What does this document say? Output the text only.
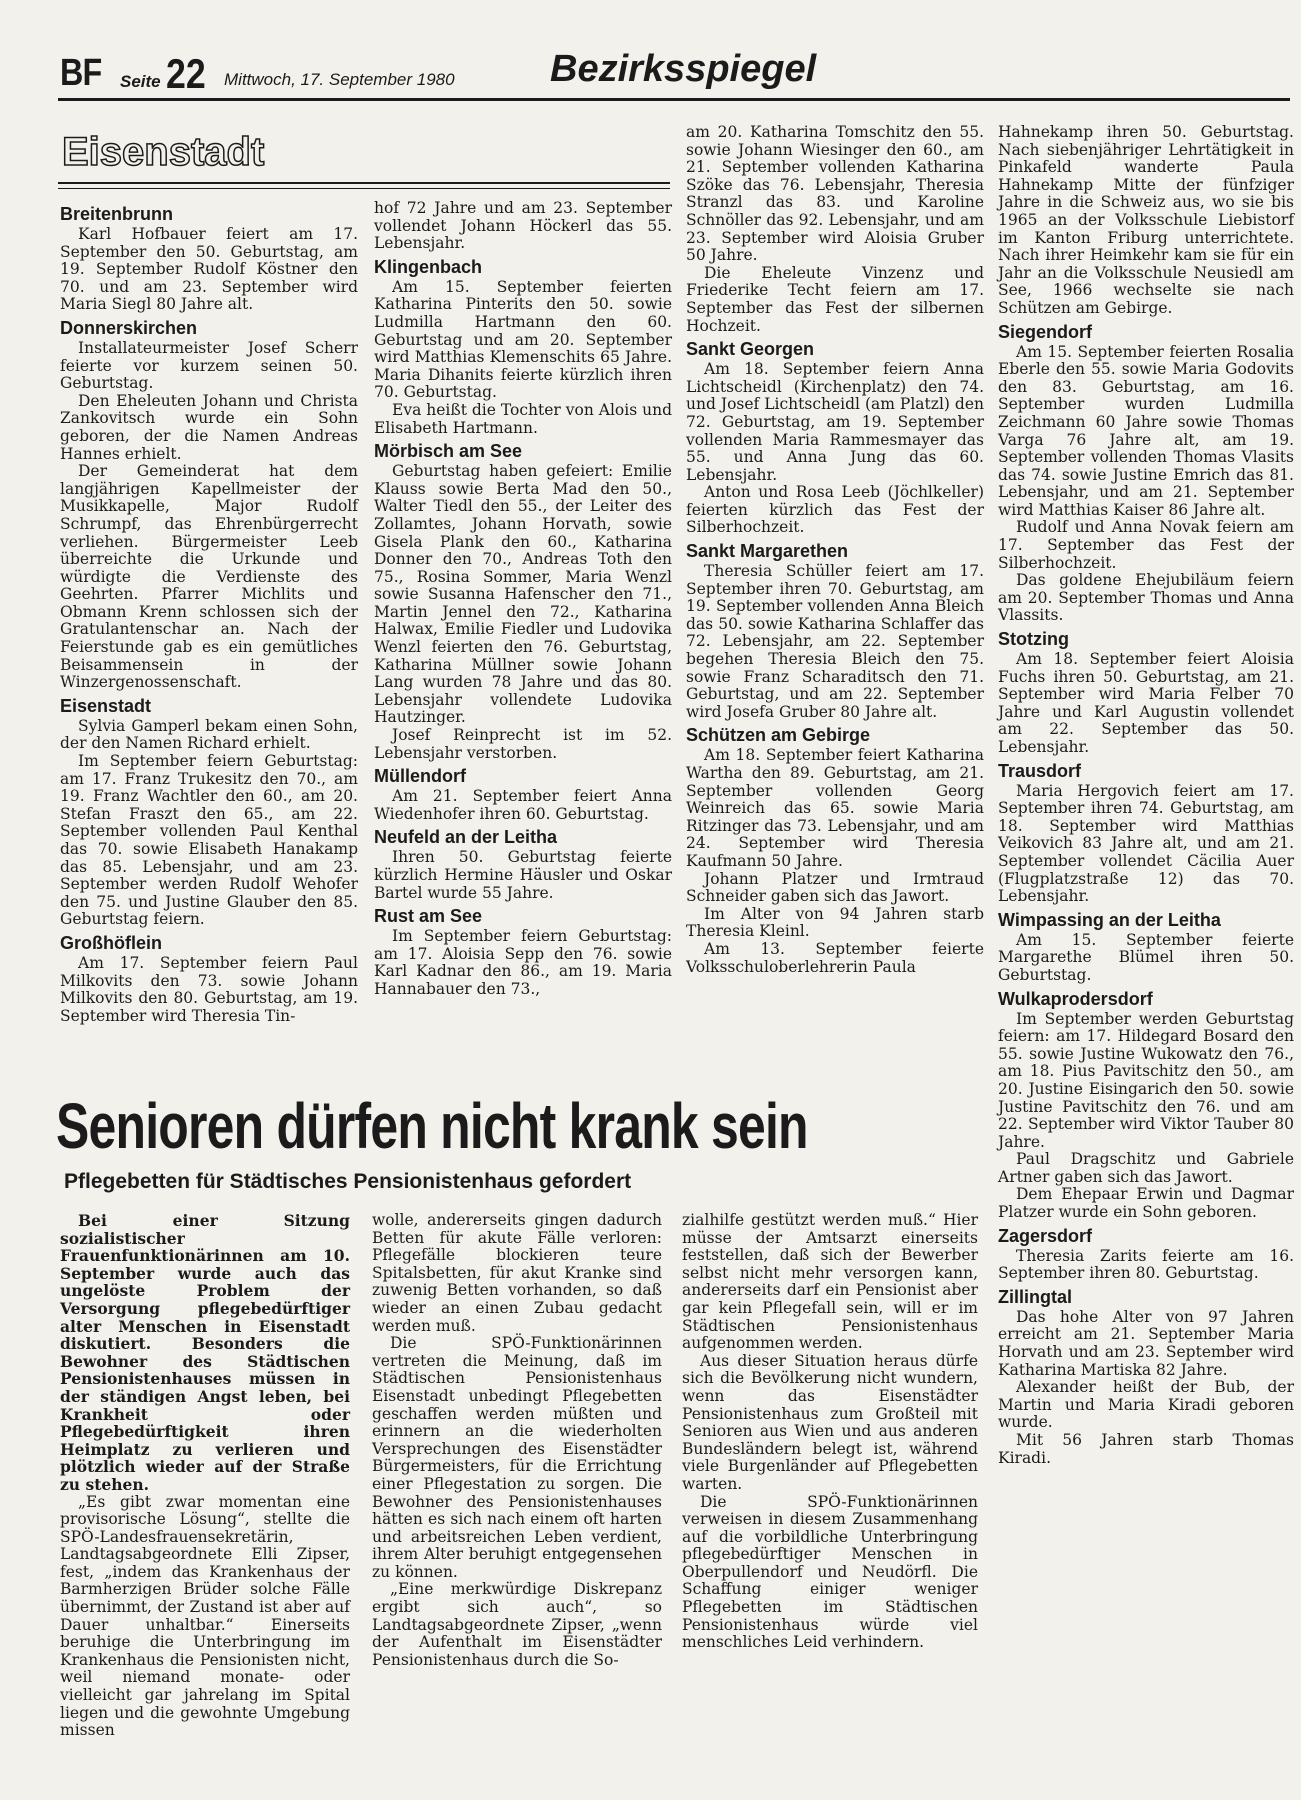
BF Seite 22 Mittwoch, 17. September 1980	Bezirksspiegel
Eisenstadt
Breitenbrunn

Karl Hofbauer feiert am 17. September den 50. Geburtstag, am 19. September Rudolf Köstner den 70. und am 23. September wird Maria Siegl 80 Jahre alt.

Donnerskirchen

Installateurmeister Josef Scherr feierte vor kurzem seinen 50. Geburtstag.

Den Eheleuten Johann und Christa Zankovitsch wurde ein Sohn geboren, der die Namen Andreas Hannes erhielt.

Der Gemeinderat hat dem langjährigen Kapellmeister der Musikkapelle, Major Rudolf Schrumpf, das Ehrenbürgerrecht verliehen. Bürgermeister Leeb überreichte die Urkunde und würdigte die Verdienste des Geehrten. Pfarrer Michlits und Obmann Krenn schlossen sich der Gratulantenschar an. Nach der Feierstunde gab es ein gemütliches Beisammensein in der Winzergenossenschaft.

Eisenstadt

Sylvia Gamperl bekam einen Sohn, der den Namen Richard erhielt.

Im September feiern Geburtstag: am 17. Franz Trukesitz den 70., am 19. Franz Wachtler den 60., am 20. Stefan Fraszt den 65., am 22. September vollenden Paul Kenthal das 70. sowie Elisabeth Hanakamp das 85. Lebensjahr, und am 23. September werden Rudolf Wehofer den 75. und Justine Glauber den 85. Geburtstag feiern.

Großhöflein

Am 17. September feiern Paul Milkovits den 73. sowie Johann Milkovits den 80. Geburtstag, am 19. September wird Theresia Tin-

hof 72 Jahre und am 23. September vollendet Johann Höckerl das 55. Lebensjahr.

Klingenbach

Am 15. September feierten Katharina Pinterits den 50. sowie Ludmilla Hartmann den 60. Geburtstag und am 20. September wird Matthias Klemenschits 65 Jahre. Maria Dihanits feierte kürzlich ihren 70. Geburtstag.

Eva heißt die Tochter von Alois und Elisabeth Hartmann.

Mörbisch am See

Geburtstag haben gefeiert: Emilie Klauss sowie Berta Mad den 50., Walter Tiedl den 55., der Leiter des Zollamtes, Johann Horvath, sowie Gisela Plank den 60., Katharina Donner den 70., Andreas Toth den 75., Rosina Sommer, Maria Wenzl sowie Susanna Hafenscher den 71., Martin Jennel den 72., Katharina Halwax, Emilie Fiedler und Ludovika Wenzl feierten den 76. Geburtstag, Katharina Müllner sowie Johann Lang wurden 78 Jahre und das 80. Lebensjahr vollendete Ludovika Hautzinger.

Josef Reinprecht ist im 52. Lebensjahr verstorben.

Müllendorf

Am 21. September feiert Anna Wiedenhofer ihren 60. Geburtstag.

Neufeld an der Leitha

Ihren 50. Geburtstag feierte kürzlich Hermine Häusler und Oskar Bartel wurde 55 Jahre.

Rust am See

Im September feiern Geburtstag: am 17. Aloisia Sepp den 76. sowie Karl Kadnar den 86., am 19. Maria Hannabauer den 73.,

am 20. Katharina Tomschitz den 55. sowie Johann Wiesinger den 60., am 21. September vollenden Katharina Szöke das 76. Lebensjahr, Theresia Stranzl das 83. und Karoline Schnöller das 92. Lebensjahr, und am 23. September wird Aloisia Gruber 50 Jahre.

Die Eheleute Vinzenz und Friederike Techt feiern am 17. September das Fest der silbernen Hochzeit.

Sankt Georgen

Am 18. September feiern Anna Lichtscheidl (Kirchenplatz) den 74. und Josef Lichtscheidl (am Platzl) den 72. Geburtstag, am 19. September vollenden Maria Rammesmayer das 55. und Anna Jung das 60. Lebensjahr.

Anton und Rosa Leeb (Jöchlkeller) feierten kürzlich das Fest der Silberhochzeit.

Sankt Margarethen

Theresia Schüller feiert am 17. September ihren 70. Geburtstag, am 19. September vollenden Anna Bleich das 50. sowie Katharina Schlaffer das 72. Lebensjahr, am 22. September begehen Theresia Bleich den 75. sowie Franz Scharaditsch den 71. Geburtstag, und am 22. September wird Josefa Gruber 80 Jahre alt.

Schützen am Gebirge

Am 18. September feiert Katharina Wartha den 89. Geburtstag, am 21. September vollenden Georg Weinreich das 65. sowie Maria Ritzinger das 73. Lebensjahr, und am 24. September wird Theresia Kaufmann 50 Jahre.

Johann Platzer und Irmtraud Schneider gaben sich das Jawort.

Im Alter von 94 Jahren starb Theresia Kleinl.

Am 13. September feierte Volksschuloberlehrerin Paula

Hahnekamp ihren 50. Geburtstag. Nach siebenjähriger Lehrtätigkeit in Pinkafeld wanderte Paula Hahnekamp Mitte der fünfziger Jahre in die Schweiz aus, wo sie bis 1965 an der Volksschule Liebistorf im Kanton Friburg unterrichtete. Nach ihrer Heimkehr kam sie für ein Jahr an die Volksschule Neusiedl am See, 1966 wechselte sie nach Schützen am Gebirge.

Siegendorf

Am 15. September feierten Rosalia Eberle den 55. sowie Maria Godovits den 83. Geburtstag, am 16. September wurden Ludmilla Zeichmann 60 Jahre sowie Thomas Varga 76 Jahre alt, am 19. September vollenden Thomas Vlasits das 74. sowie Justine Emrich das 81. Lebensjahr, und am 21. September wird Matthias Kaiser 86 Jahre alt.

Rudolf und Anna Novak feiern am 17. September das Fest der Silberhochzeit.

Das goldene Ehejubiläum feiern am 20. September Thomas und Anna Vlassits.

Stotzing

Am 18. September feiert Aloisia Fuchs ihren 50. Geburtstag, am 21. September wird Maria Felber 70 Jahre und Karl Augustin vollendet am 22. September das 50. Lebensjahr.

Trausdorf

Maria Hergovich feiert am 17. September ihren 74. Geburtstag, am 18. September wird Matthias Veikovich 83 Jahre alt, und am 21. September vollendet Cäcilia Auer (Flugplatzstraße 12) das 70. Lebensjahr.

Wimpassing an der Leitha

Am 15. September feierte Margarethe Blümel ihren 50. Geburtstag.

Wulkaprodersdorf

Im September werden Geburtstag feiern: am 17. Hildegard Bosard den 55. sowie Justine Wukowatz den 76., am 18. Pius Pavitschitz den 50., am 20. Justine Eisingarich den 50. sowie Justine Pavitschitz den 76. und am 22. September wird Viktor Tauber 80 Jahre.

Paul Dragschitz und Gabriele Artner gaben sich das Jawort.

Dem Ehepaar Erwin und Dagmar Platzer wurde ein Sohn geboren.

Zagersdorf

Theresia Zarits feierte am 16. September ihren 80. Geburtstag.

Zillingtal

Das hohe Alter von 97 Jahren erreicht am 21. September Maria Horvath und am 23. September wird Katharina Martiska 82 Jahre.

Alexander heißt der Bub, der Martin und Maria Kiradi geboren wurde.

Mit 56 Jahren starb Thomas Kiradi.

Senioren dürfen nicht krank sein
Pflegebetten für Städtisches Pensionistenhaus gefordert

Bei einer Sitzung sozialistischer Frauenfunktionärinnen am 10. September wurde auch das ungelöste Problem der Versorgung pflegebedürftiger alter Menschen in Eisenstadt diskutiert. Besonders die Bewohner des Städtischen Pensionistenhauses müssen in der ständigen Angst leben, bei Krankheit oder Pflegebedürftigkeit ihren Heimplatz zu verlieren und plötzlich wieder auf der Straße zu stehen.

„Es gibt zwar momentan eine provisorische Lösung“, stellte die SPÖ-Landesfrauensekretärin, Landtagsabgeordnete Elli Zipser, fest, „indem das Krankenhaus der Barmherzigen Brüder solche Fälle übernimmt, der Zustand ist aber auf Dauer unhaltbar.“ Einerseits beruhige die Unterbringung im Krankenhaus die Pensionisten nicht, weil niemand monate- oder vielleicht gar jahrelang im Spital liegen und die gewohnte Umgebung missen

wolle, andererseits gingen dadurch Betten für akute Fälle verloren: Pflegefälle blockieren teure Spitalsbetten, für akut Kranke sind zuwenig Betten vorhanden, so daß wieder an einen Zubau gedacht werden muß.

Die SPÖ-Funktionärinnen vertreten die Meinung, daß im Städtischen Pensionistenhaus Eisenstadt unbedingt Pflegebetten geschaffen werden müßten und erinnern an die wiederholten Versprechungen des Eisenstädter Bürgermeisters, für die Errichtung einer Pflegestation zu sorgen. Die Bewohner des Pensionistenhauses hätten es sich nach einem oft harten und arbeitsreichen Leben verdient, ihrem Alter beruhigt entgegensehen zu können.

„Eine merkwürdige Diskrepanz ergibt sich auch“, so Landtagsabgeordnete Zipser, „wenn der Aufenthalt im Eisenstädter Pensionistenhaus durch die So-

zialhilfe gestützt werden muß.“ Hier müsse der Amtsarzt einerseits feststellen, daß sich der Bewerber selbst nicht mehr versorgen kann, andererseits darf ein Pensionist aber gar kein Pflegefall sein, will er im Städtischen Pensionistenhaus aufgenommen werden.

Aus dieser Situation heraus dürfe sich die Bevölkerung nicht wundern, wenn das Eisenstädter Pensionistenhaus zum Großteil mit Senioren aus Wien und aus anderen Bundesländern belegt ist, während viele Burgenländer auf Pflegebetten warten.

Die SPÖ-Funktionärinnen verweisen in diesem Zusammenhang auf die vorbildliche Unterbringung pflegebedürftiger Menschen in Oberpullendorf und Neudörfl. Die Schaffung einiger weniger Pflegebetten im Städtischen Pensionistenhaus würde viel menschliches Leid verhindern.
